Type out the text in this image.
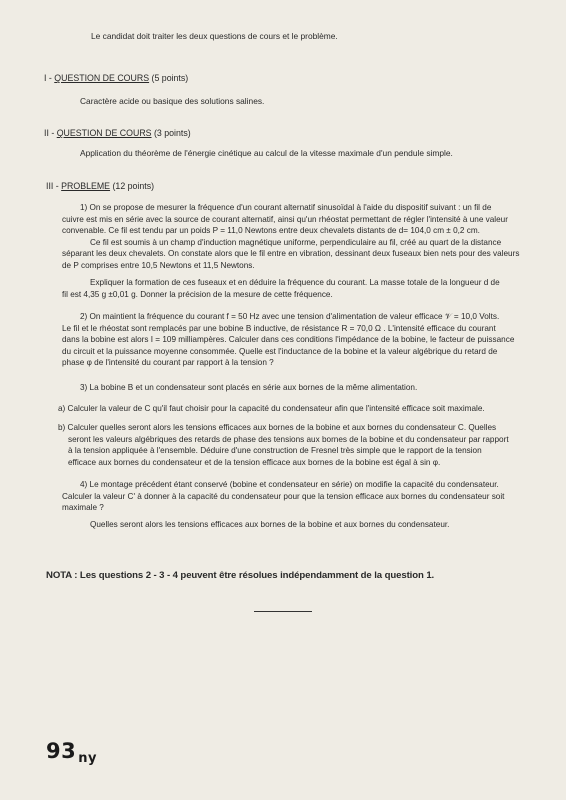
Le candidat doit traiter les deux questions de cours et le problème.
I - QUESTION DE COURS (5 points)
Caractère acide ou basique des solutions salines.
II - QUESTION DE COURS (3 points)
Application du théorème de l'énergie cinétique au calcul de la vitesse maximale d'un pendule simple.
III - PROBLEME (12 points)
1) On se propose de mesurer la fréquence d'un courant alternatif sinusoïdal à l'aide du dispositif suivant : un fil de
cuivre est mis en série avec la source de courant alternatif, ainsi qu'un rhéostat permettant de régler l'intensité à une valeur
convenable. Ce fil est tendu par un poids P = 11,0 Newtons entre deux chevalets distants de d= 104,0 cm ± 0,2 cm.
Ce fil est soumis à un champ d'induction magnétique uniforme, perpendiculaire au fil, créé au quart de la distance
séparant les deux chevalets. On constate alors que le fil entre en vibration, dessinant deux fuseaux bien nets pour des valeurs
de P comprises entre 10,5 Newtons et 11,5 Newtons.
Expliquer la formation de ces fuseaux et en déduire la fréquence du courant. La masse totale de la longueur d de
fil est 4,35 g ±0,01 g. Donner la précision de la mesure de cette fréquence.
2) On maintient la fréquence du courant f = 50 Hz avec une tension d'alimentation de valeur efficace 𝒱 = 10,0 Volts.
Le fil et le rhéostat sont remplacés par une bobine B inductive, de résistance R = 70,0 Ω . L'intensité efficace du courant
dans la bobine est alors I = 109 milliampères. Calculer dans ces conditions l'impédance de la bobine, le facteur de puissance
du circuit et la puissance moyenne consommée. Quelle est l'inductance de la bobine et la valeur algébrique du retard de
phase φ de l'intensité du courant par rapport à la tension ?
3) La bobine B et un condensateur sont placés en série aux bornes de la même alimentation.
a) Calculer la valeur de C qu'il faut choisir pour la capacité du condensateur afin que l'intensité efficace soit maximale.
b) Calculer quelles seront alors les tensions efficaces aux bornes de la bobine et aux bornes du condensateur C. Quelles
seront les valeurs algébriques des retards de phase des tensions aux bornes de la bobine et du condensateur par rapport
à la tension appliquée à l'ensemble. Déduire d'une construction de Fresnel très simple que le rapport de la tension
efficace aux bornes du condensateur et de la tension efficace aux bornes de la bobine est égal à sin φ.
4) Le montage précédent étant conservé (bobine et condensateur en série) on modifie la capacité du condensateur.
Calculer la valeur C' à donner à la capacité du condensateur pour que la tension efficace aux bornes du condensateur soit
maximale ?
Quelles seront alors les tensions efficaces aux bornes de la bobine et aux bornes du condensateur.
NOTA : Les questions 2 - 3 - 4 peuvent être résolues indépendamment de la question 1.
93 ny
